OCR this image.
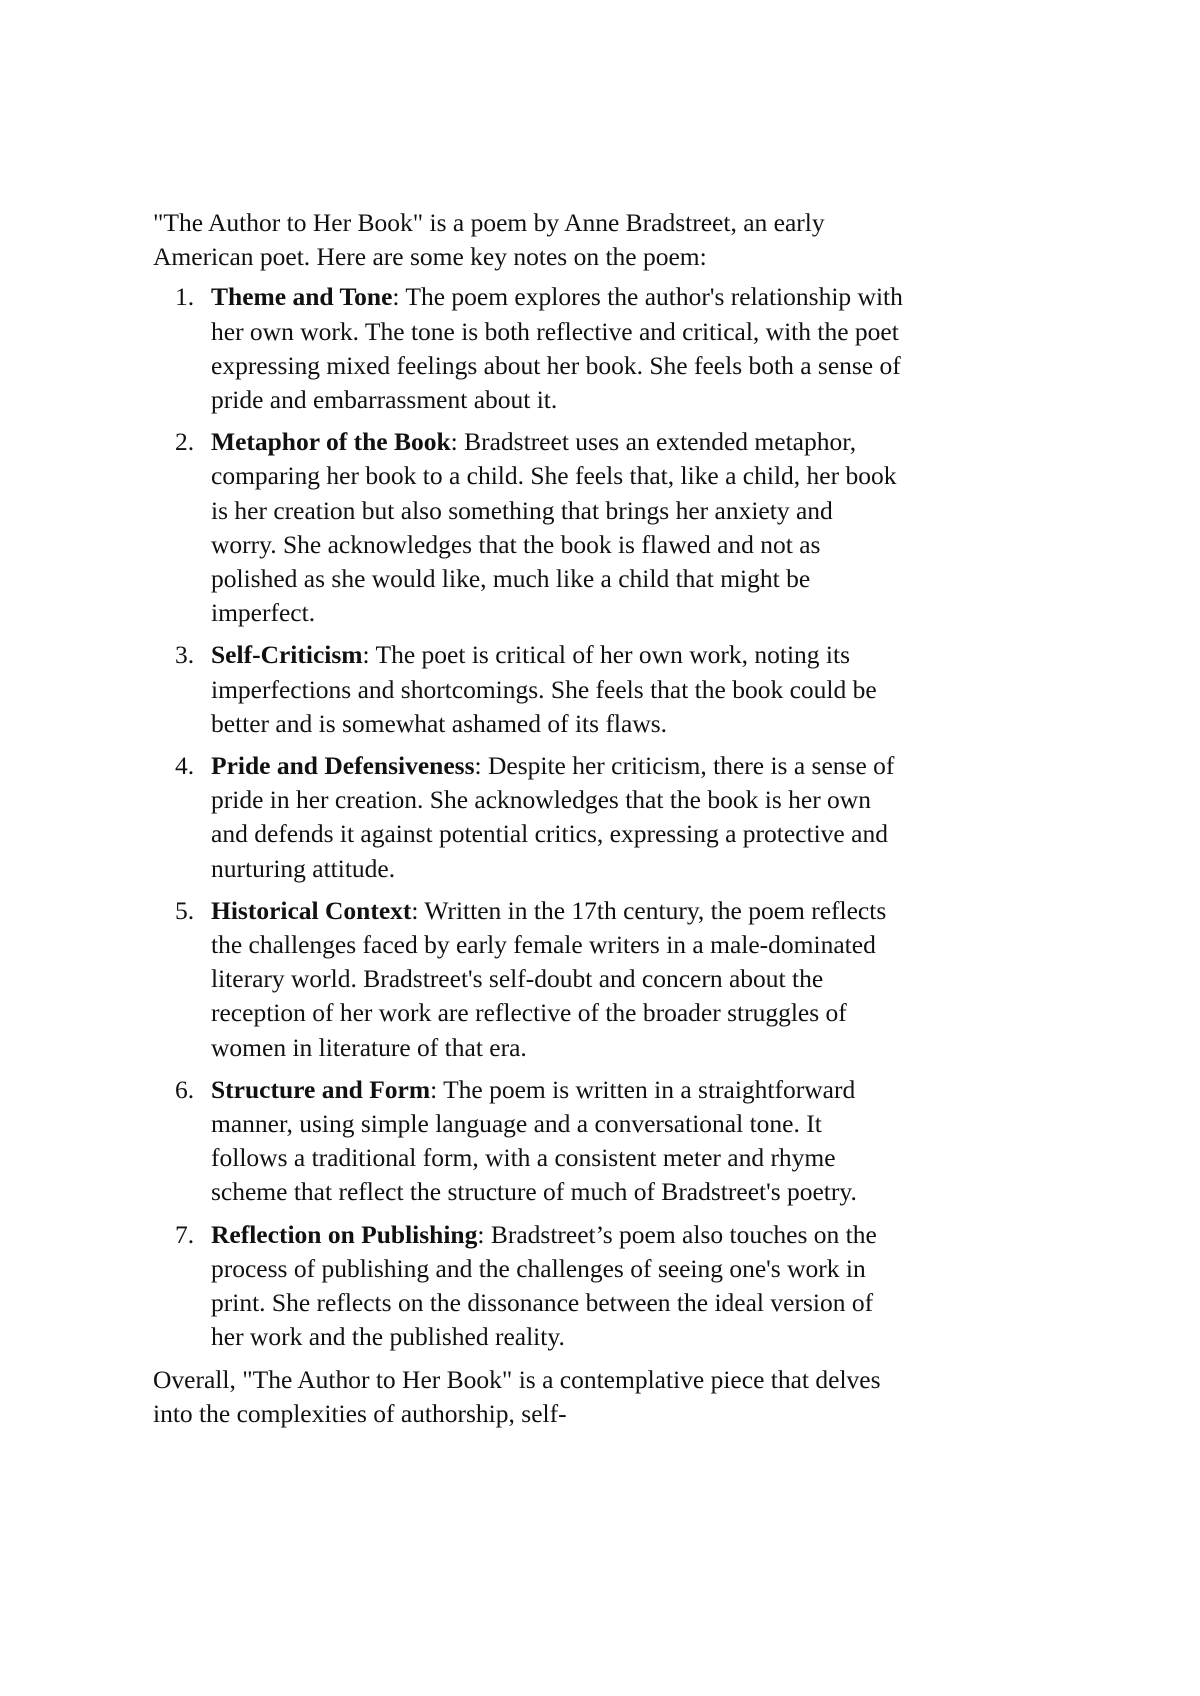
"The Author to Her Book" is a poem by Anne Bradstreet, an early American poet. Here are some key notes on the poem:

1. Theme and Tone: The poem explores the author's relationship with her own work. The tone is both reflective and critical, with the poet expressing mixed feelings about her book. She feels both a sense of pride and embarrassment about it.
2. Metaphor of the Book: Bradstreet uses an extended metaphor, comparing her book to a child. She feels that, like a child, her book is her creation but also something that brings her anxiety and worry. She acknowledges that the book is flawed and not as polished as she would like, much like a child that might be imperfect.
3. Self-Criticism: The poet is critical of her own work, noting its imperfections and shortcomings. She feels that the book could be better and is somewhat ashamed of its flaws.
4. Pride and Defensiveness: Despite her criticism, there is a sense of pride in her creation. She acknowledges that the book is her own and defends it against potential critics, expressing a protective and nurturing attitude.
5. Historical Context: Written in the 17th century, the poem reflects the challenges faced by early female writers in a male-dominated literary world. Bradstreet's self-doubt and concern about the reception of her work are reflective of the broader struggles of women in literature of that era.
6. Structure and Form: The poem is written in a straightforward manner, using simple language and a conversational tone. It follows a traditional form, with a consistent meter and rhyme scheme that reflect the structure of much of Bradstreet's poetry.
7. Reflection on Publishing: Bradstreet’s poem also touches on the process of publishing and the challenges of seeing one's work in print. She reflects on the dissonance between the ideal version of her work and the published reality.

Overall, "The Author to Her Book" is a contemplative piece that delves into the complexities of authorship, self-
